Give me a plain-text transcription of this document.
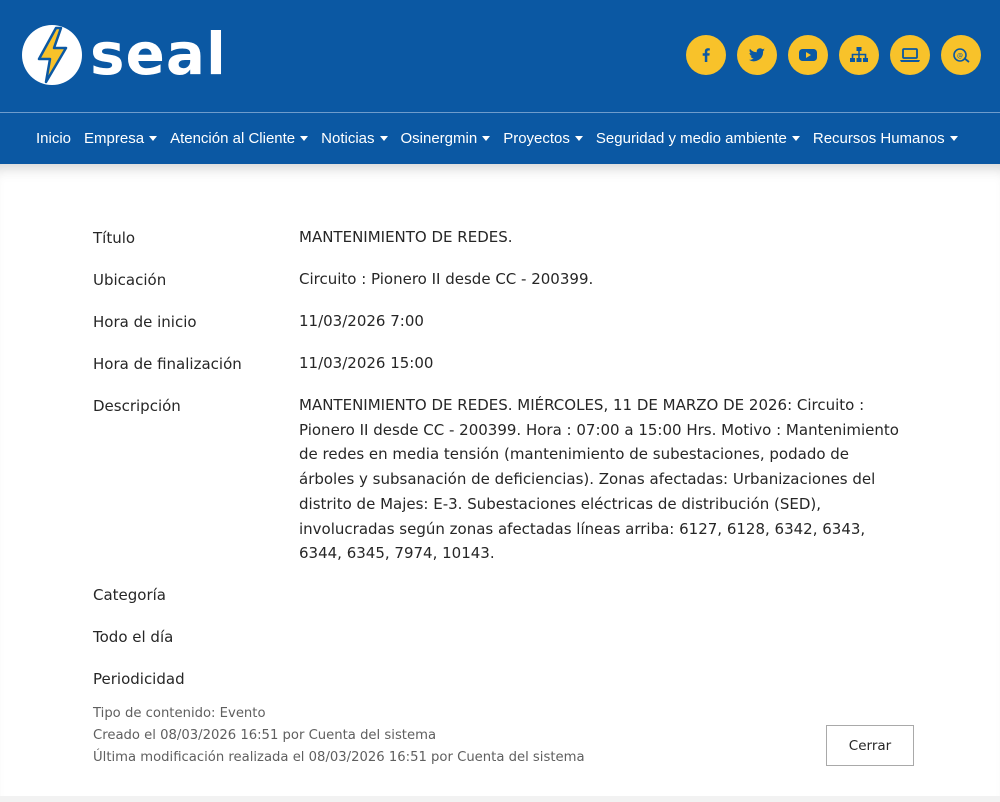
seal	@
Inicio Empresa Atención al Cliente Noticias Osinergmin Proyectos Seguridad y medio ambiente Recursos Humanos
Título	MANTENIMIENTO DE REDES.
Ubicación	Circuito : Pionero II desde CC - 200399.
Hora de inicio	11/03/2026 7:00
Hora de finalización	11/03/2026 15:00
Descripción	MANTENIMIENTO DE REDES. MIÉRCOLES, 11 DE MARZO DE 2026: Circuito :
Pionero II desde CC - 200399. Hora : 07:00 a 15:00 Hrs. Motivo : Mantenimiento
de redes en media tensión (mantenimiento de subestaciones, podado de
árboles y subsanación de deficiencias). Zonas afectadas: Urbanizaciones del
distrito de Majes: E-3. Subestaciones eléctricas de distribución (SED),
involucradas según zonas afectadas líneas arriba: 6127, 6128, 6342, 6343,
6344, 6345, 7974, 10143.
Categoría
Todo el día
Periodicidad
Tipo de contenido: Evento
Creado el 08/03/2026 16:51 por Cuenta del sistema
Última modificación realizada el 08/03/2026 16:51 por Cuenta del sistema
Cerrar
